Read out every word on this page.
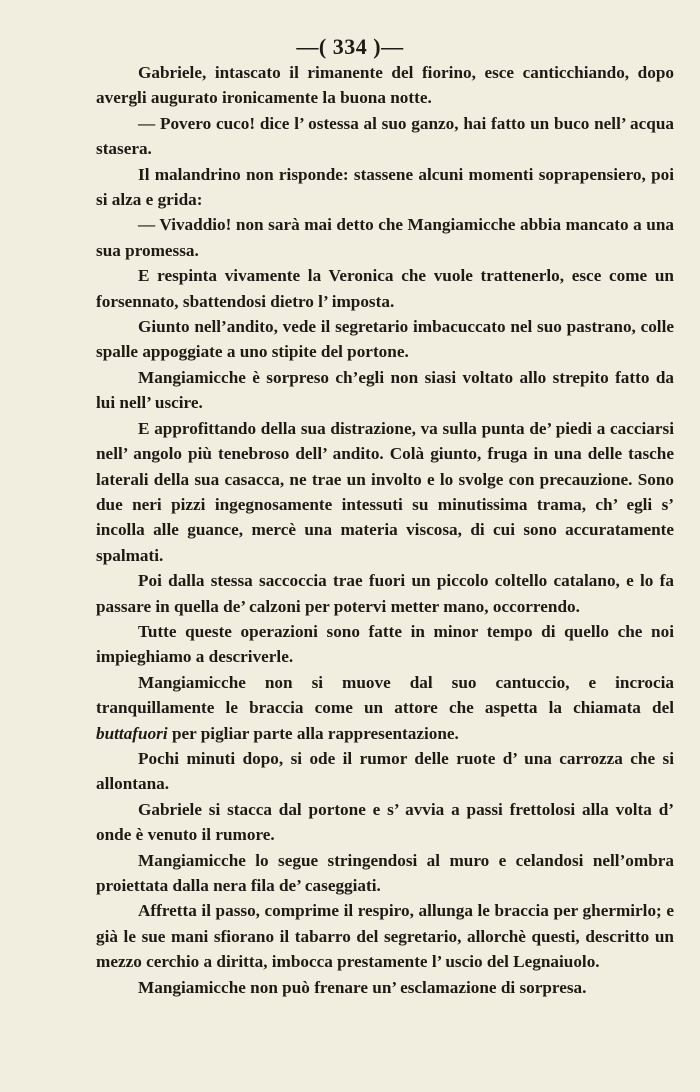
—( 334 )—

Gabriele, intascato il rimanente del fiorino, esce canticchiando, dopo avergli augurato ironicamente la buona notte.

— Povero cuco! dice l’ ostessa al suo ganzo, hai fatto un buco nell’ acqua stasera.

Il malandrino non risponde: stassene alcuni momenti soprapensiero, poi si alza e grida:

— Vivaddio! non sarà mai detto che Mangiamicche abbia mancato a una sua promessa.

E respinta vivamente la Veronica che vuole trattenerlo, esce come un forsennato, sbattendosi dietro l’ imposta.

Giunto nell’andito, vede il segretario imbacuccato nel suo pastrano, colle spalle appoggiate a uno stipite del portone.

Mangiamicche è sorpreso ch’egli non siasi voltato allo strepito fatto da lui nell’ uscire.

E approfittando della sua distrazione, va sulla punta de’ piedi a cacciarsi nell’ angolo più tenebroso dell’ andito. Colà giunto, fruga in una delle tasche laterali della sua casacca, ne trae un involto e lo svolge con precauzione. Sono due neri pizzi ingegnosamente intessuti su minutissima trama, ch’ egli s’ incolla alle guance, mercè una materia viscosa, di cui sono accuratamente spalmati.

Poi dalla stessa saccoccia trae fuori un piccolo coltello catalano, e lo fa passare in quella de’ calzoni per potervi metter mano, occorrendo.

Tutte queste operazioni sono fatte in minor tempo di quello che noi impieghiamo a descriverle.

Mangiamicche non si muove dal suo cantuccio, e incrocia tranquillamente le braccia come un attore che aspetta la chiamata del buttafuori per pigliar parte alla rappresentazione.

Pochi minuti dopo, si ode il rumor delle ruote d’ una carrozza che si allontana.

Gabriele si stacca dal portone e s’ avvia a passi frettolosi alla volta d’ onde è venuto il rumore.

Mangiamicche lo segue stringendosi al muro e celandosi nell’ombra proiettata dalla nera fila de’ caseggiati.

Affretta il passo, comprime il respiro, allunga le braccia per ghermirlo; e già le sue mani sfiorano il tabarro del segretario, allorchè questi, descritto un mezzo cerchio a diritta, imbocca prestamente l’ uscio del Legnaiuolo.

Mangiamicche non può frenare un’ esclamazione di sorpresa.
